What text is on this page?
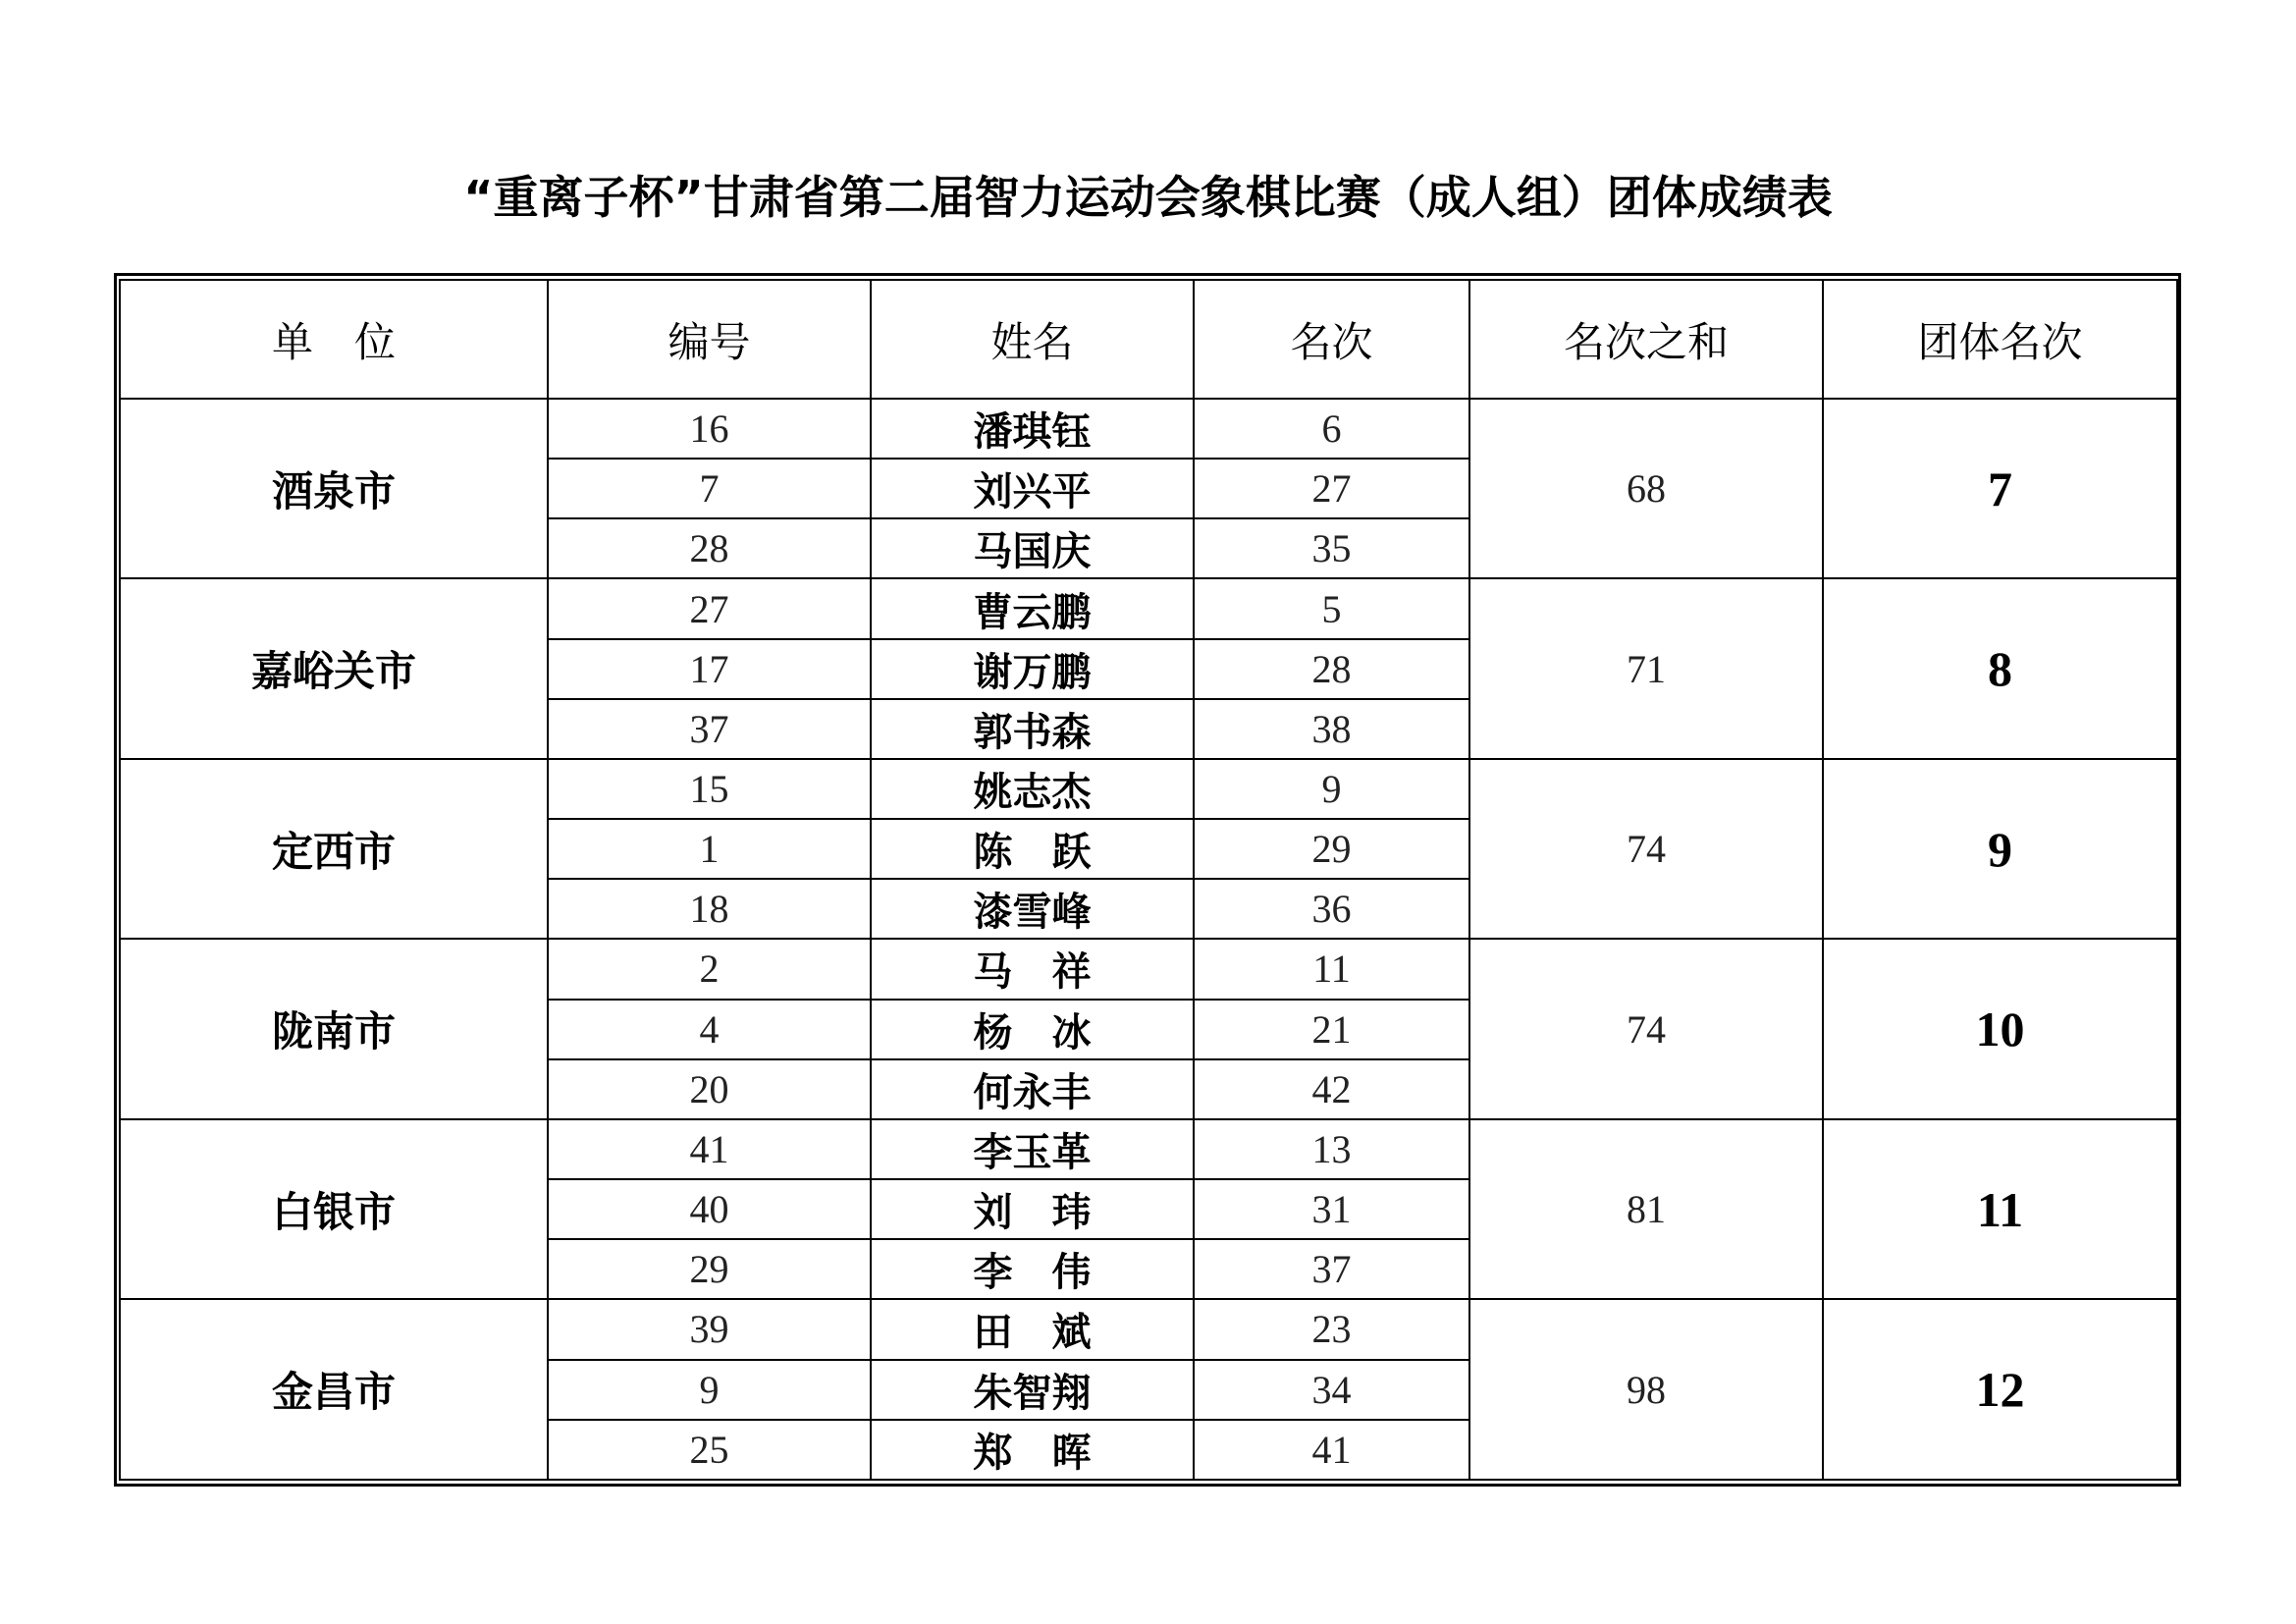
“重离子杯”甘肃省第二届智力运动会象棋比赛（成人组）团体成绩表
单　位	编号	姓名	名次	名次之和	团体名次
酒泉市	16	潘琪钰	6	68	7
	7	刘兴平	27		
	28	马国庆	35		
嘉峪关市	27	曹云鹏	5	71	8
	17	谢万鹏	28		
	37	郭书森	38		
定西市	15	姚志杰	9	74	9
	1	陈　跃	29		
	18	漆雪峰	36		
陇南市	2	马　祥	11	74	10
	4	杨　冰	21		
	20	何永丰	42		
白银市	41	李玉革	13	81	11
	40	刘　玮	31		
	29	李　伟	37		
金昌市	39	田　斌	23	98	12
	9	朱智翔	34		
	25	郑　晖	41		
